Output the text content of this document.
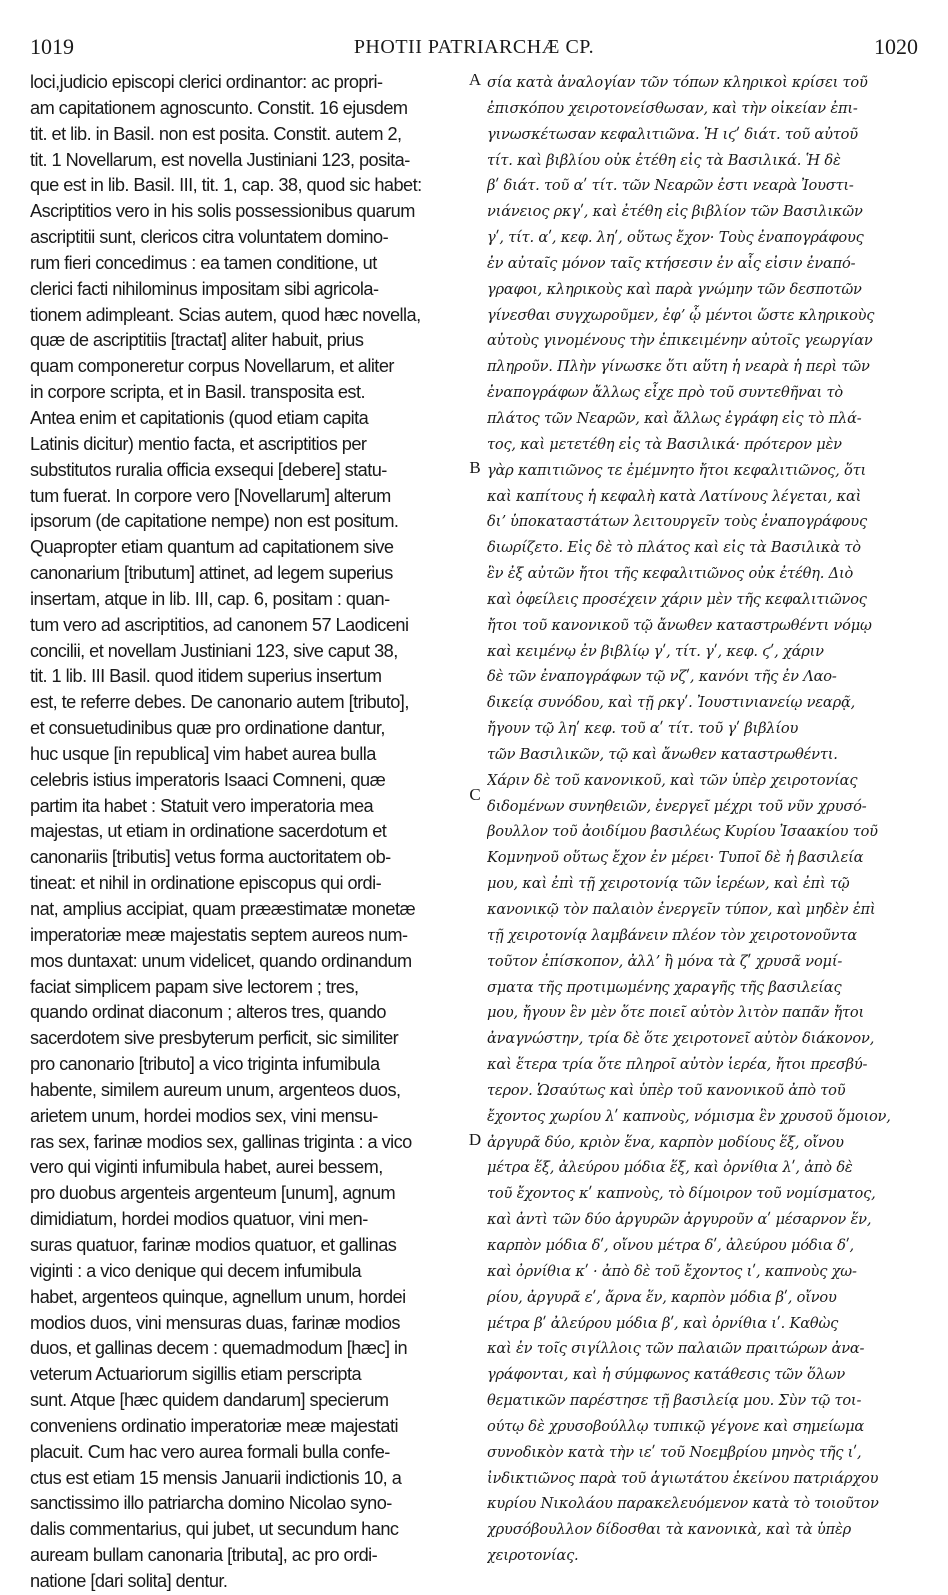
1019	PHOTII PATRIARCHÆ CP.	1020
loci,judicio episcopi clerici ordinantor: ac propri-
am capitationem agnoscunto. Constit. 16 ejusdem
tit. et lib. in Basil. non est posita. Constit. autem 2,
tit. 1 Novellarum, est novella Justiniani 123, posita-
que est in lib. Basil. III, tit. 1, cap. 38, quod sic habet:
Ascriptitios vero in his solis possessionibus quarum
ascriptitii sunt, clericos citra voluntatem domino-
rum fieri concedimus : ea tamen conditione, ut
clerici facti nihilominus impositam sibi agricola-
tionem adimpleant. Scias autem, quod hæc novella,
quæ de ascriptitiis [tractat] aliter habuit, prius
quam componeretur corpus Novellarum, et aliter
in corpore scripta, et in Basil. transposita est.
Antea enim et capitationis (quod etiam capita
Latinis dicitur) mentio facta, et ascriptitios per
substitutos ruralia officia exsequi [debere] statu-
tum fuerat. In corpore vero [Novellarum] alterum
ipsorum (de capitatione nempe) non est positum.
Quapropter etiam quantum ad capitationem sive
canonarium [tributum] attinet, ad legem superius
insertam, atque in lib. III, cap. 6, positam : quan-
tum vero ad ascriptitios, ad canonem 57 Laodiceni
concilii, et novellam Justiniani 123, sive caput 38,
tit. 1 lib. III Basil. quod itidem superius insertum
est, te referre debes. De canonario autem [tributo],
et consuetudinibus quæ pro ordinatione dantur,
huc usque [in republica] vim habet aurea bulla
celebris istius imperatoris Isaaci Comneni, quæ
partim ita habet : Statuit vero imperatoria mea
majestas, ut etiam in ordinatione sacerdotum et
canonariis [tributis] vetus forma auctoritatem ob-
tineat: et nihil in ordinatione episcopus qui ordi-
nat, amplius accipiat, quam prææstimatæ monetæ
imperatoriæ meæ majestatis septem aureos num-
mos duntaxat: unum videlicet, quando ordinandum
faciat simplicem papam sive lectorem ; tres,
quando ordinat diaconum ; alteros tres, quando
sacerdotem sive presbyterum perficit, sic similiter
pro canonario [tributo] a vico triginta infumibula
habente, similem aureum unum, argenteos duos,
arietem unum, hordei modios sex, vini mensu-
ras sex, farinæ modios sex, gallinas triginta : a vico
vero qui viginti infumibula habet, aurei bessem,
pro duobus argenteis argenteum [unum], agnum
dimidiatum, hordei modios quatuor, vini men-
suras quatuor, farinæ modios quatuor, et gallinas
viginti : a vico denique qui decem infumibula
habet, argenteos quinque, agnellum unum, hordei
modios duos, vini mensuras duas, farinæ modios
duos, et gallinas decem : quemadmodum [hæc] in
veterum Actuariorum sigillis etiam perscripta
sunt. Atque [hæc quidem dandarum] specierum
conveniens ordinatio imperatoriæ meæ majestati
placuit. Cum hac vero aurea formali bulla confe-
ctus est etiam 15 mensis Januarii indictionis 10, a
sanctissimo illo patriarcha domino Nicolao syno-
dalis commentarius, qui jubet, ut secundum hanc
auream bullam canonaria [tributa], ac pro ordi-
natione [dari solita] dentur.
A
B
C
D
σία κατὰ ἀναλογίαν τῶν τόπων κληρικοὶ κρίσει τοῦ
ἐπισκόπου χειροτονείσθωσαν, καὶ τὴν οἰκείαν ἐπι-
γινωσκέτωσαν κεφαλιτιῶνα. Ἡ ιϛʹ διάτ. τοῦ αὐτοῦ
τίτ. καὶ βιβλίου οὐκ ἐτέθη εἰς τὰ Βασιλικά. Ἡ δὲ
βʹ διάτ. τοῦ αʹ τίτ. τῶν Νεαρῶν ἐστι νεαρὰ Ἰουστι-
νιάνειος ρκγʹ, καὶ ἐτέθη εἰς βιβλίον τῶν Βασιλικῶν
γʹ, τίτ. αʹ, κεφ. ληʹ, οὕτως ἔχον· Τοὺς ἐναπογράφους
ἐν αὐταῖς μόνον ταῖς κτήσεσιν ἐν αἷς εἰσιν ἐναπό-
γραφοι, κληρικοὺς καὶ παρὰ γνώμην τῶν δεσποτῶν
γίνεσθαι συγχωροῦμεν, ἐφʼ ᾧ μέντοι ὥστε κληρικοὺς
αὐτοὺς γινομένους τὴν ἐπικειμένην αὐτοῖς γεωργίαν
πληροῦν. Πλὴν γίνωσκε ὅτι αὕτη ἡ νεαρὰ ἡ περὶ τῶν
ἐναπογράφων ἄλλως εἶχε πρὸ τοῦ συντεθῆναι τὸ
πλάτος τῶν Νεαρῶν, καὶ ἄλλως ἐγράφη εἰς τὸ πλά-
τος, καὶ μετετέθη εἰς τὰ Βασιλικά· πρότερον μὲν
γὰρ καπιτιῶνος τε ἐμέμνητο ἤτοι κεφαλιτιῶνος, ὅτι
καὶ καπίτους ἡ κεφαλὴ κατὰ Λατίνους λέγεται, καὶ
διʼ ὑποκαταστάτων λειτουργεῖν τοὺς ἐναπογράφους
διωρίζετο. Εἰς δὲ τὸ πλάτος καὶ εἰς τὰ Βασιλικὰ τὸ
ἓν ἐξ αὐτῶν ἤτοι τῆς κεφαλιτιῶνος οὐκ ἐτέθη. Διὸ
καὶ ὀφείλεις προσέχειν χάριν μὲν τῆς κεφαλιτιῶνος
ἤτοι τοῦ κανονικοῦ τῷ ἄνωθεν καταστρωθέντι νόμῳ
καὶ κειμένῳ ἐν βιβλίῳ γʹ, τίτ. γʹ, κεφ. ϛʹ, χάριν
δὲ τῶν ἐναπογράφων τῷ νζʹ, κανόνι τῆς ἐν Λαο-
δικείᾳ συνόδου, καὶ τῇ ρκγʹ. Ἰουστινιανείῳ νεαρᾷ,
ἤγουν τῷ ληʹ κεφ. τοῦ αʹ τίτ. τοῦ γʹ βιβλίου
τῶν Βασιλικῶν, τῷ καὶ ἄνωθεν καταστρωθέντι.
Χάριν δὲ τοῦ κανονικοῦ, καὶ τῶν ὑπὲρ χειροτονίας
διδομένων συνηθειῶν, ἐνεργεῖ μέχρι τοῦ νῦν χρυσό-
βουλλον τοῦ ἀοιδίμου βασιλέως Κυρίου Ἰσαακίου τοῦ
Κομνηνοῦ οὕτως ἔχον ἐν μέρει· Τυποῖ δὲ ἡ βασιλεία
μου, καὶ ἐπὶ τῇ χειροτονίᾳ τῶν ἱερέων, καὶ ἐπὶ τῷ
κανονικῷ τὸν παλαιὸν ἐνεργεῖν τύπον, καὶ μηδὲν ἐπὶ
τῇ χειροτονίᾳ λαμβάνειν πλέον τὸν χειροτονοῦντα
τοῦτον ἐπίσκοπον, ἀλλʼ ἢ μόνα τὰ ζʹ χρυσᾶ νομί-
σματα τῆς προτιμωμένης χαραγῆς τῆς βασιλείας
μου, ἤγουν ἓν μὲν ὅτε ποιεῖ αὐτὸν λιτὸν παπᾶν ἤτοι
ἀναγνώστην, τρία δὲ ὅτε χειροτονεῖ αὐτὸν διάκονον,
καὶ ἕτερα τρία ὅτε πληροῖ αὐτὸν ἱερέα, ἤτοι πρεσβύ-
τερον. Ὡσαύτως καὶ ὑπὲρ τοῦ κανονικοῦ ἀπὸ τοῦ
ἔχοντος χωρίου λʹ καπνοὺς, νόμισμα ἓν χρυσοῦ ὅμοιον,
ἀργυρᾶ δύο, κριὸν ἕνα, καρπὸν μοδίους ἕξ, οἴνου
μέτρα ἕξ, ἀλεύρου μόδια ἕξ, καὶ ὀρνίθια λʹ, ἀπὸ δὲ
τοῦ ἔχοντος κʹ καπνοὺς, τὸ δίμοιρον τοῦ νομίσματος,
καὶ ἀντὶ τῶν δύο ἀργυρῶν ἀργυροῦν αʹ μέσαρνον ἕν,
καρπὸν μόδια δʹ, οἴνου μέτρα δʹ, ἀλεύρου μόδια δʹ,
καὶ ὀρνίθια κʹ · ἀπὸ δὲ τοῦ ἔχοντος ιʹ, καπνοὺς χω-
ρίου, ἀργυρᾶ εʹ, ἄρνα ἕν, καρπὸν μόδια βʹ, οἴνου
μέτρα βʹ ἀλεύρου μόδια βʹ, καὶ ὀρνίθια ιʹ. Καθὼς
καὶ ἐν τοῖς σιγίλλοις τῶν παλαιῶν πραιτώρων ἀνα-
γράφονται, καὶ ἡ σύμφωνος κατάθεσις τῶν ὅλων
θεματικῶν παρέστησε τῇ βασιλείᾳ μου. Σὺν τῷ τοι-
ούτῳ δὲ χρυσοβούλλῳ τυπικῷ γέγονε καὶ σημείωμα
συνοδικὸν κατὰ τὴν ιεʹ τοῦ Νοεμβρίου μηνὸς τῆς ιʹ,
ἰνδικτιῶνος παρὰ τοῦ ἁγιωτάτου ἐκείνου πατριάρχου
κυρίου Νικολάου παρακελευόμενον κατὰ τὸ τοιοῦτον
χρυσόβουλλον δίδοσθαι τὰ κανονικὰ, καὶ τὰ ὑπὲρ
χειροτονίας.
